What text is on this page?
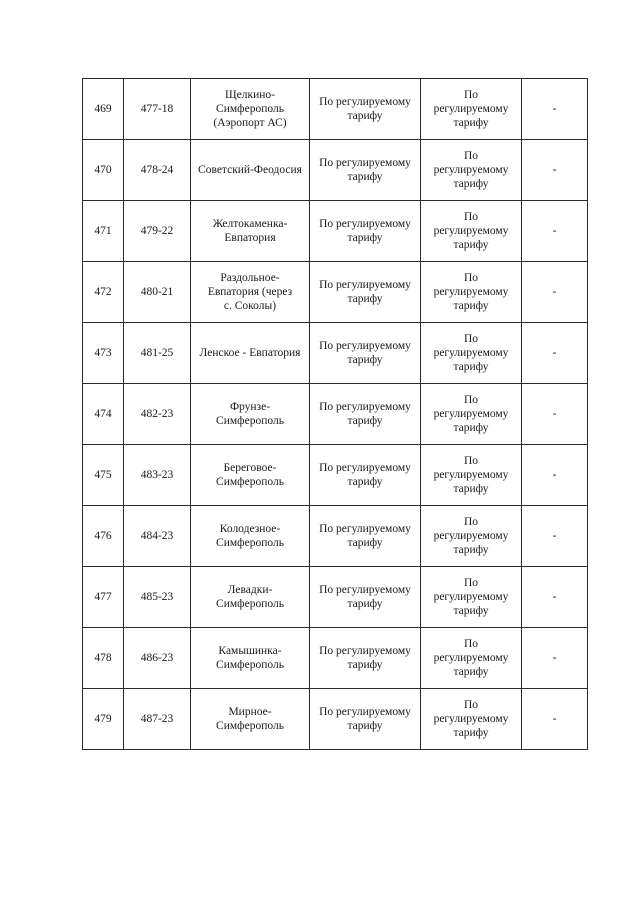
469	477-18	Щелкино-
Симферополь
(Аэропорт АС)	По регулируемому
тарифу	По
регулируемому
тарифу	-
470	478-24	Советский-Феодосия	По регулируемому
тарифу	По
регулируемому
тарифу	-
471	479-22	Желтокаменка-
Евпатория	По регулируемому
тарифу	По
регулируемому
тарифу	-
472	480-21	Раздольное-
Евпатория (через
с. Соколы)	По регулируемому
тарифу	По
регулируемому
тарифу	-
473	481-25	Ленское - Евпатория	По регулируемому
тарифу	По
регулируемому
тарифу	-
474	482-23	Фрунзе-
Симферополь	По регулируемому
тарифу	По
регулируемому
тарифу	-
475	483-23	Береговое-
Симферополь	По регулируемому
тарифу	По
регулируемому
тарифу	-
476	484-23	Колодезное-
Симферополь	По регулируемому
тарифу	По
регулируемому
тарифу	-
477	485-23	Левадки-
Симферополь	По регулируемому
тарифу	По
регулируемому
тарифу	-
478	486-23	Камышинка-
Симферополь	По регулируемому
тарифу	По
регулируемому
тарифу	-
479	487-23	Мирное-
Симферополь	По регулируемому
тарифу	По
регулируемому
тарифу	-
